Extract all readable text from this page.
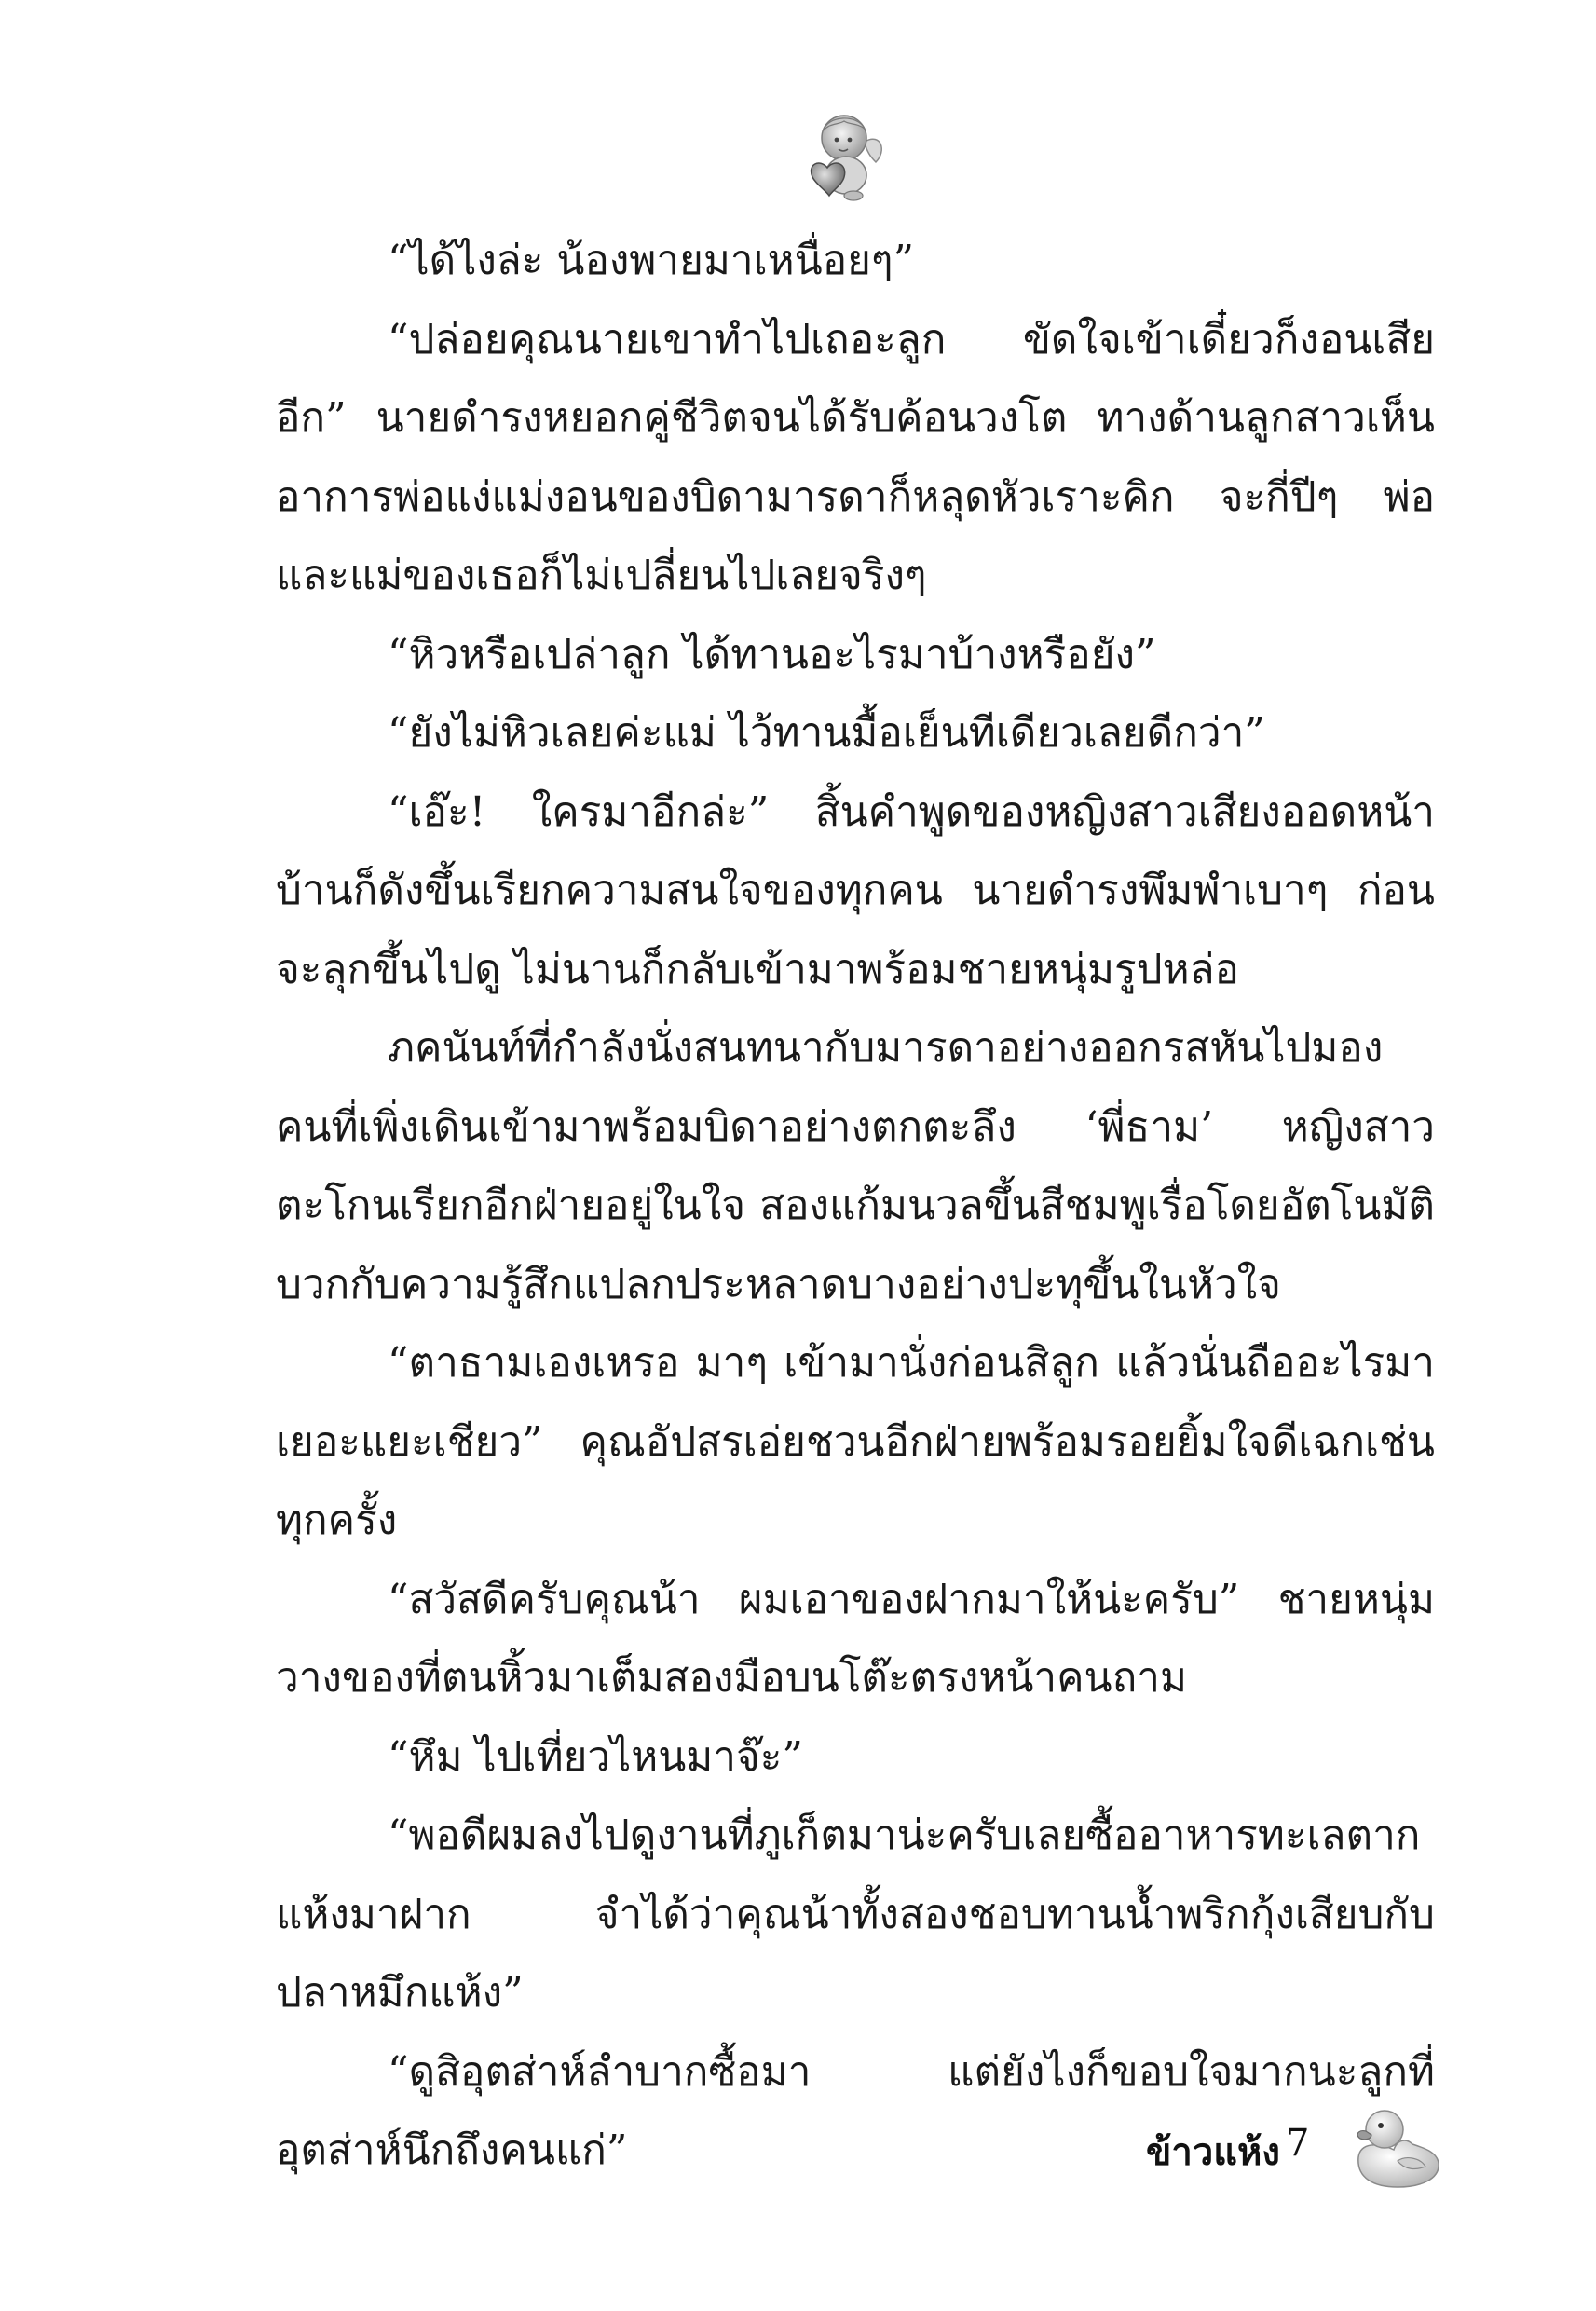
“ได้ไงล่ะ น้องพายมาเหนื่อยๆ”

“ปล่อยคุณนายเขาทำไปเถอะลูก ขัดใจเข้าเดี๋ยวก็งอนเสียอีก” นายดำรงหยอกคู่ชีวิตจนได้รับค้อนวงโต ทางด้านลูกสาวเห็นอาการพ่อแง่แม่งอนของบิดามารดาก็หลุดหัวเราะคิก จะกี่ปีๆ พ่อและแม่ของเธอก็ไม่เปลี่ยนไปเลยจริงๆ

“หิวหรือเปล่าลูก ได้ทานอะไรมาบ้างหรือยัง”

“ยังไม่หิวเลยค่ะแม่ ไว้ทานมื้อเย็นทีเดียวเลยดีกว่า”

“เอ๊ะ! ใครมาอีกล่ะ” สิ้นคำพูดของหญิงสาวเสียงออดหน้าบ้านก็ดังขึ้นเรียกความสนใจของทุกคน นายดำรงพึมพำเบาๆ ก่อนจะลุกขึ้นไปดู ไม่นานก็กลับเข้ามาพร้อมชายหนุ่มรูปหล่อ

ภคนันท์ที่กำลังนั่งสนทนากับมารดาอย่างออกรสหันไปมองคนที่เพิ่งเดินเข้ามาพร้อมบิดาอย่างตกตะลึง ‘พี่ธาม’ หญิงสาวตะโกนเรียกอีกฝ่ายอยู่ในใจ สองแก้มนวลขึ้นสีชมพูเรื่อโดยอัตโนมัติบวกกับความรู้สึกแปลกประหลาดบางอย่างปะทุขึ้นในหัวใจ

“ตาธามเองเหรอ มาๆ เข้ามานั่งก่อนสิลูก แล้วนั่นถืออะไรมาเยอะแยะเชียว” คุณอัปสรเอ่ยชวนอีกฝ่ายพร้อมรอยยิ้มใจดีเฉกเช่นทุกครั้ง

“สวัสดีครับคุณน้า ผมเอาของฝากมาให้น่ะครับ” ชายหนุ่มวางของที่ตนหิ้วมาเต็มสองมือบนโต๊ะตรงหน้าคนถาม

“หึม ไปเที่ยวไหนมาจ๊ะ”

“พอดีผมลงไปดูงานที่ภูเก็ตมาน่ะครับเลยซื้ออาหารทะเลตากแห้งมาฝาก จำได้ว่าคุณน้าทั้งสองชอบทานน้ำพริกกุ้งเสียบกับปลาหมึกแห้ง”

“ดูสิอุตส่าห์ลำบากซื้อมา แต่ยังไงก็ขอบใจมากนะลูกที่อุตส่าห์นึกถึงคนแก่”	ข้าวแห้ง 7
